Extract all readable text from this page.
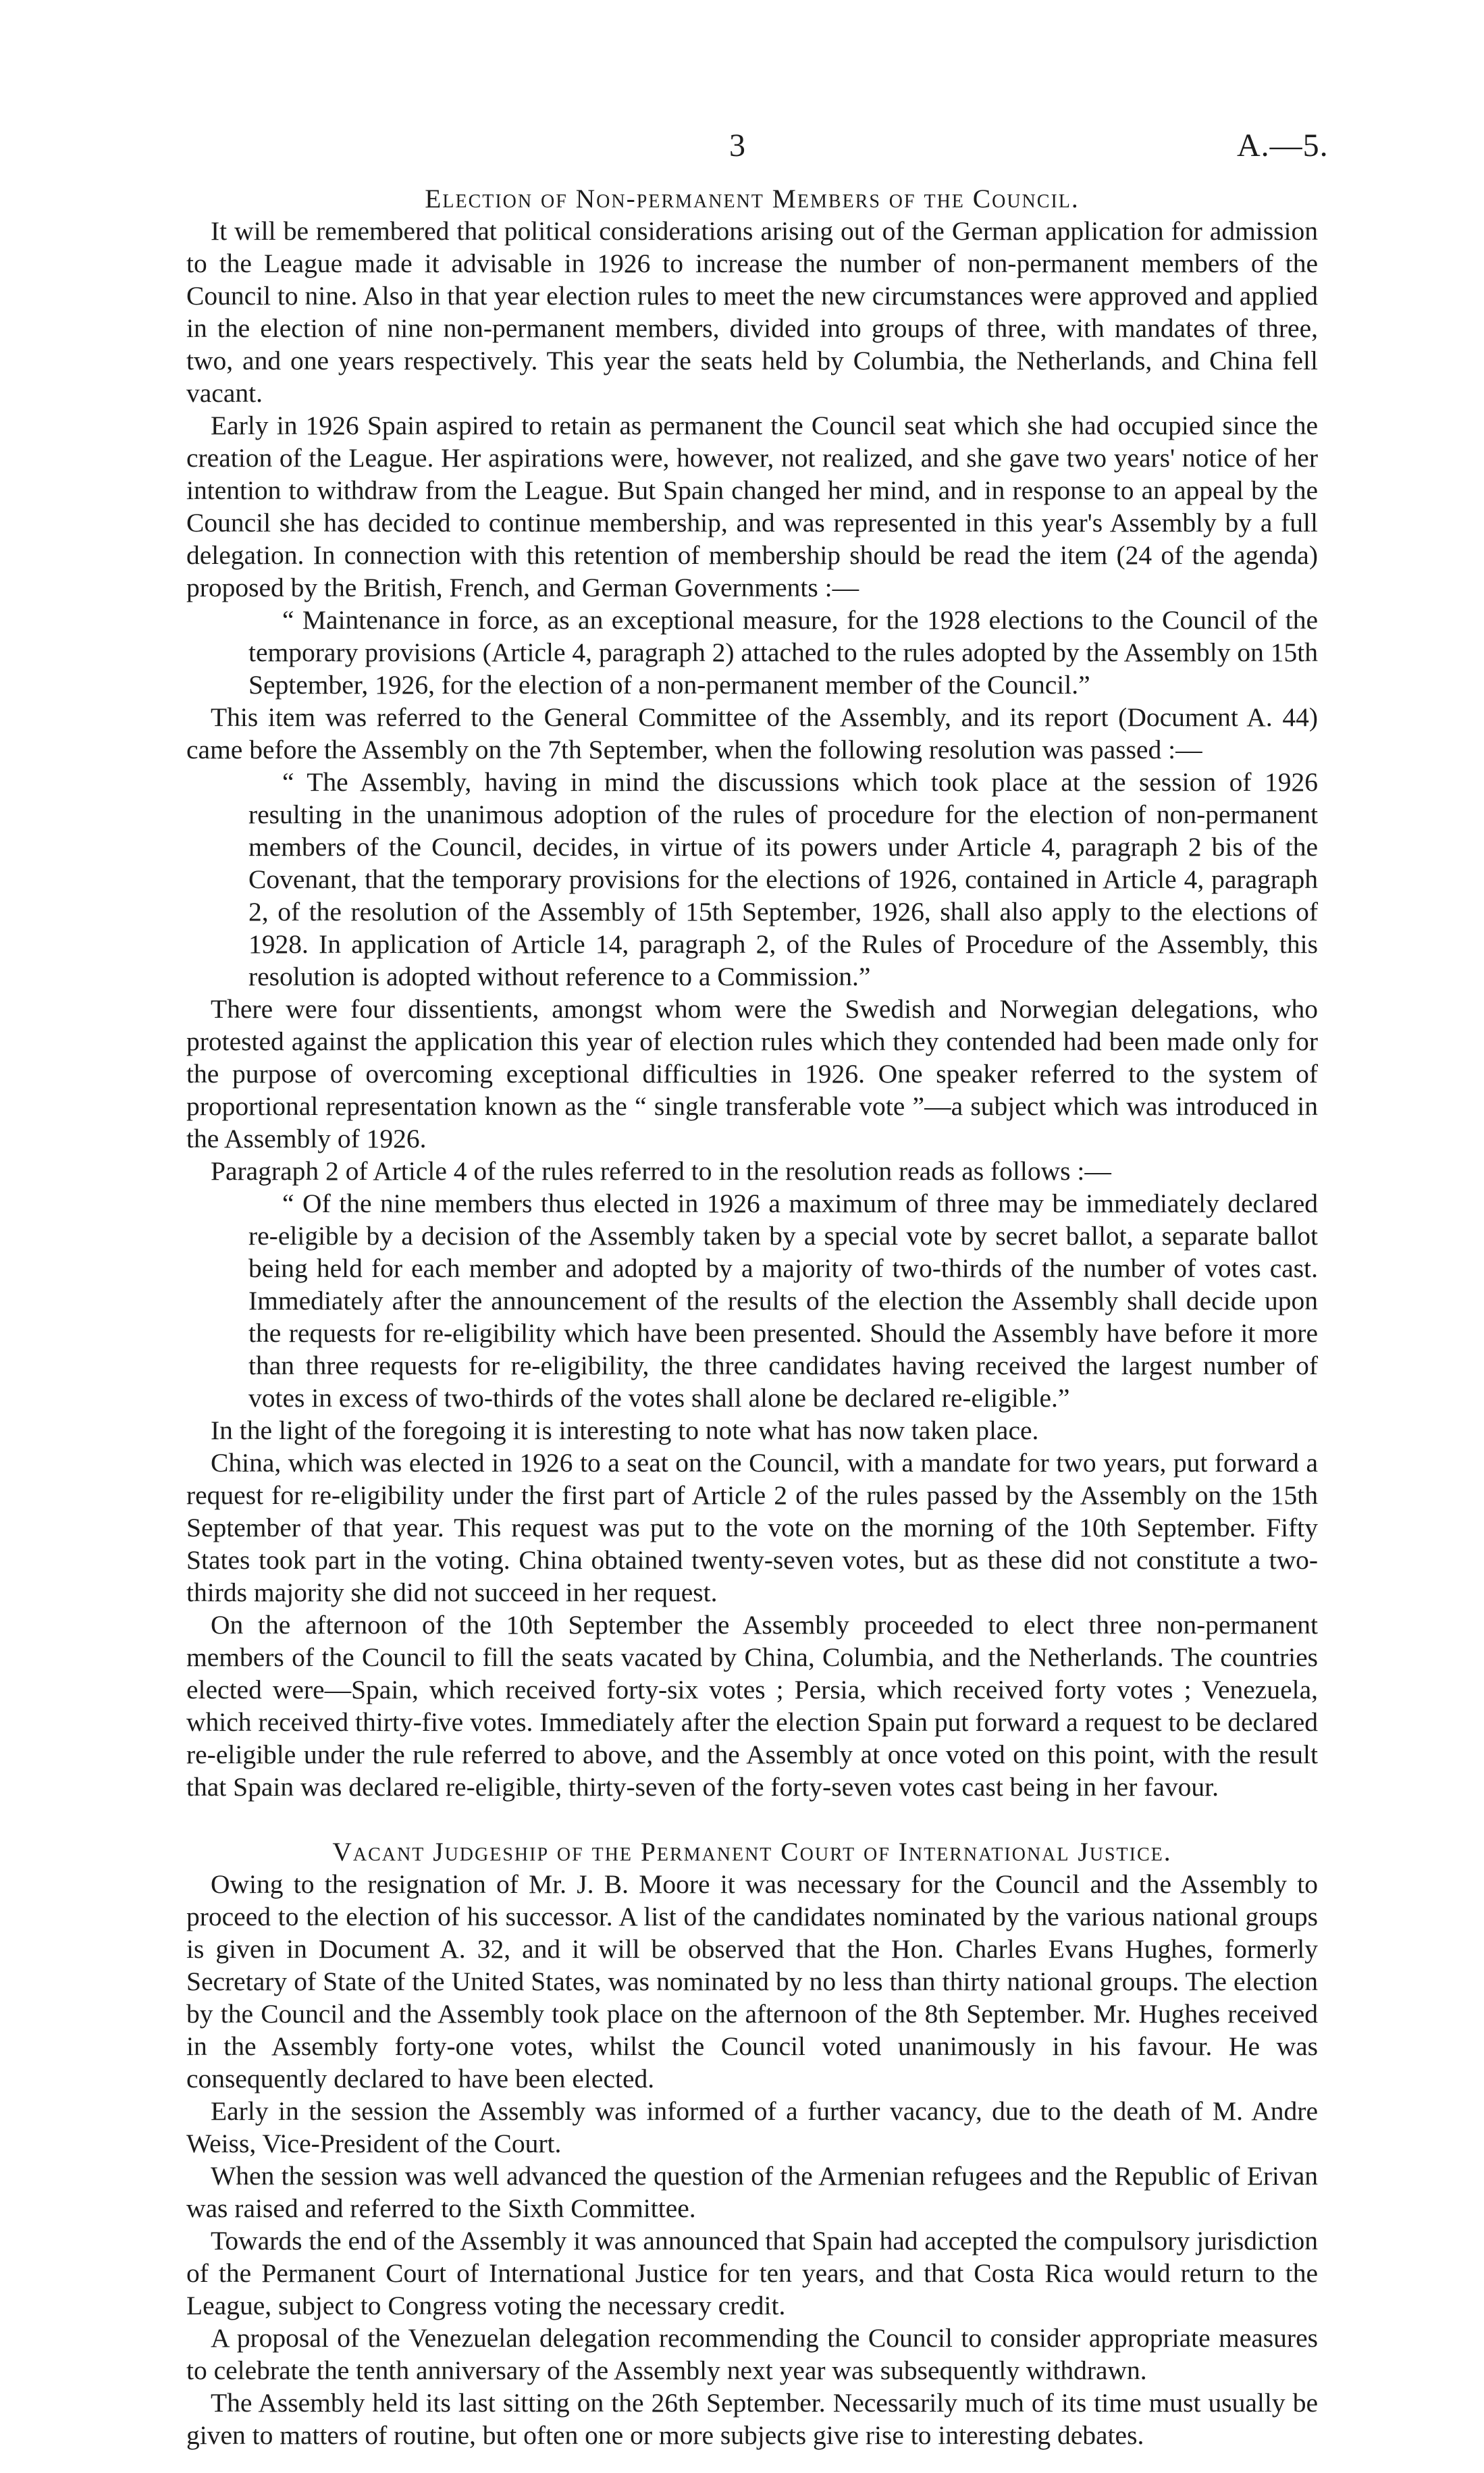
3	A.—5.
Election of Non-permanent Members of the Council.

It will be remembered that political considerations arising out of the German application for admission to the League made it advisable in 1926 to increase the number of non-permanent members of the Council to nine. Also in that year election rules to meet the new circumstances were approved and applied in the election of nine non-permanent members, divided into groups of three, with mandates of three, two, and one years respectively. This year the seats held by Columbia, the Netherlands, and China fell vacant.

Early in 1926 Spain aspired to retain as permanent the Council seat which she had occupied since the creation of the League. Her aspirations were, however, not realized, and she gave two years' notice of her intention to withdraw from the League. But Spain changed her mind, and in response to an appeal by the Council she has decided to continue membership, and was represented in this year's Assembly by a full delegation. In connection with this retention of membership should be read the item (24 of the agenda) proposed by the British, French, and German Governments :—

“ Maintenance in force, as an exceptional measure, for the 1928 elections to the Council of the temporary provisions (Article 4, paragraph 2) attached to the rules adopted by the Assembly on 15th September, 1926, for the election of a non-permanent member of the Council.”

This item was referred to the General Committee of the Assembly, and its report (Document A. 44) came before the Assembly on the 7th September, when the following resolution was passed :—

“ The Assembly, having in mind the discussions which took place at the session of 1926 resulting in the unanimous adoption of the rules of procedure for the election of non-permanent members of the Council, decides, in virtue of its powers under Article 4, paragraph 2 bis of the Covenant, that the temporary provisions for the elections of 1926, contained in Article 4, paragraph 2, of the resolution of the Assembly of 15th September, 1926, shall also apply to the elections of 1928. In application of Article 14, paragraph 2, of the Rules of Procedure of the Assembly, this resolution is adopted without reference to a Commission.”

There were four dissentients, amongst whom were the Swedish and Norwegian delegations, who protested against the application this year of election rules which they contended had been made only for the purpose of overcoming exceptional difficulties in 1926. One speaker referred to the system of proportional representation known as the “ single transferable vote ”—a subject which was introduced in the Assembly of 1926.

Paragraph 2 of Article 4 of the rules referred to in the resolution reads as follows :—

“ Of the nine members thus elected in 1926 a maximum of three may be immediately declared re-eligible by a decision of the Assembly taken by a special vote by secret ballot, a separate ballot being held for each member and adopted by a majority of two-thirds of the number of votes cast. Immediately after the announcement of the results of the election the Assembly shall decide upon the requests for re-eligibility which have been presented. Should the Assembly have before it more than three requests for re-eligibility, the three candidates having received the largest number of votes in excess of two-thirds of the votes shall alone be declared re-eligible.”

In the light of the foregoing it is interesting to note what has now taken place.

China, which was elected in 1926 to a seat on the Council, with a mandate for two years, put forward a request for re-eligibility under the first part of Article 2 of the rules passed by the Assembly on the 15th September of that year. This request was put to the vote on the morning of the 10th September. Fifty States took part in the voting. China obtained twenty-seven votes, but as these did not constitute a two-thirds majority she did not succeed in her request.

On the afternoon of the 10th September the Assembly proceeded to elect three non-permanent members of the Council to fill the seats vacated by China, Columbia, and the Netherlands. The countries elected were—Spain, which received forty-six votes ; Persia, which received forty votes ; Venezuela, which received thirty-five votes. Immediately after the election Spain put forward a request to be declared re-eligible under the rule referred to above, and the Assembly at once voted on this point, with the result that Spain was declared re-eligible, thirty-seven of the forty-seven votes cast being in her favour.

Vacant Judgeship of the Permanent Court of International Justice.

Owing to the resignation of Mr. J. B. Moore it was necessary for the Council and the Assembly to proceed to the election of his successor. A list of the candidates nominated by the various national groups is given in Document A. 32, and it will be observed that the Hon. Charles Evans Hughes, formerly Secretary of State of the United States, was nominated by no less than thirty national groups. The election by the Council and the Assembly took place on the afternoon of the 8th September. Mr. Hughes received in the Assembly forty-one votes, whilst the Council voted unanimously in his favour. He was consequently declared to have been elected.

Early in the session the Assembly was informed of a further vacancy, due to the death of M. Andre Weiss, Vice-President of the Court.

When the session was well advanced the question of the Armenian refugees and the Republic of Erivan was raised and referred to the Sixth Committee.

Towards the end of the Assembly it was announced that Spain had accepted the compulsory jurisdiction of the Permanent Court of International Justice for ten years, and that Costa Rica would return to the League, subject to Congress voting the necessary credit.

A proposal of the Venezuelan delegation recommending the Council to consider appropriate measures to celebrate the tenth anniversary of the Assembly next year was subsequently withdrawn.

The Assembly held its last sitting on the 26th September. Necessarily much of its time must usually be given to matters of routine, but often one or more subjects give rise to interesting debates.
